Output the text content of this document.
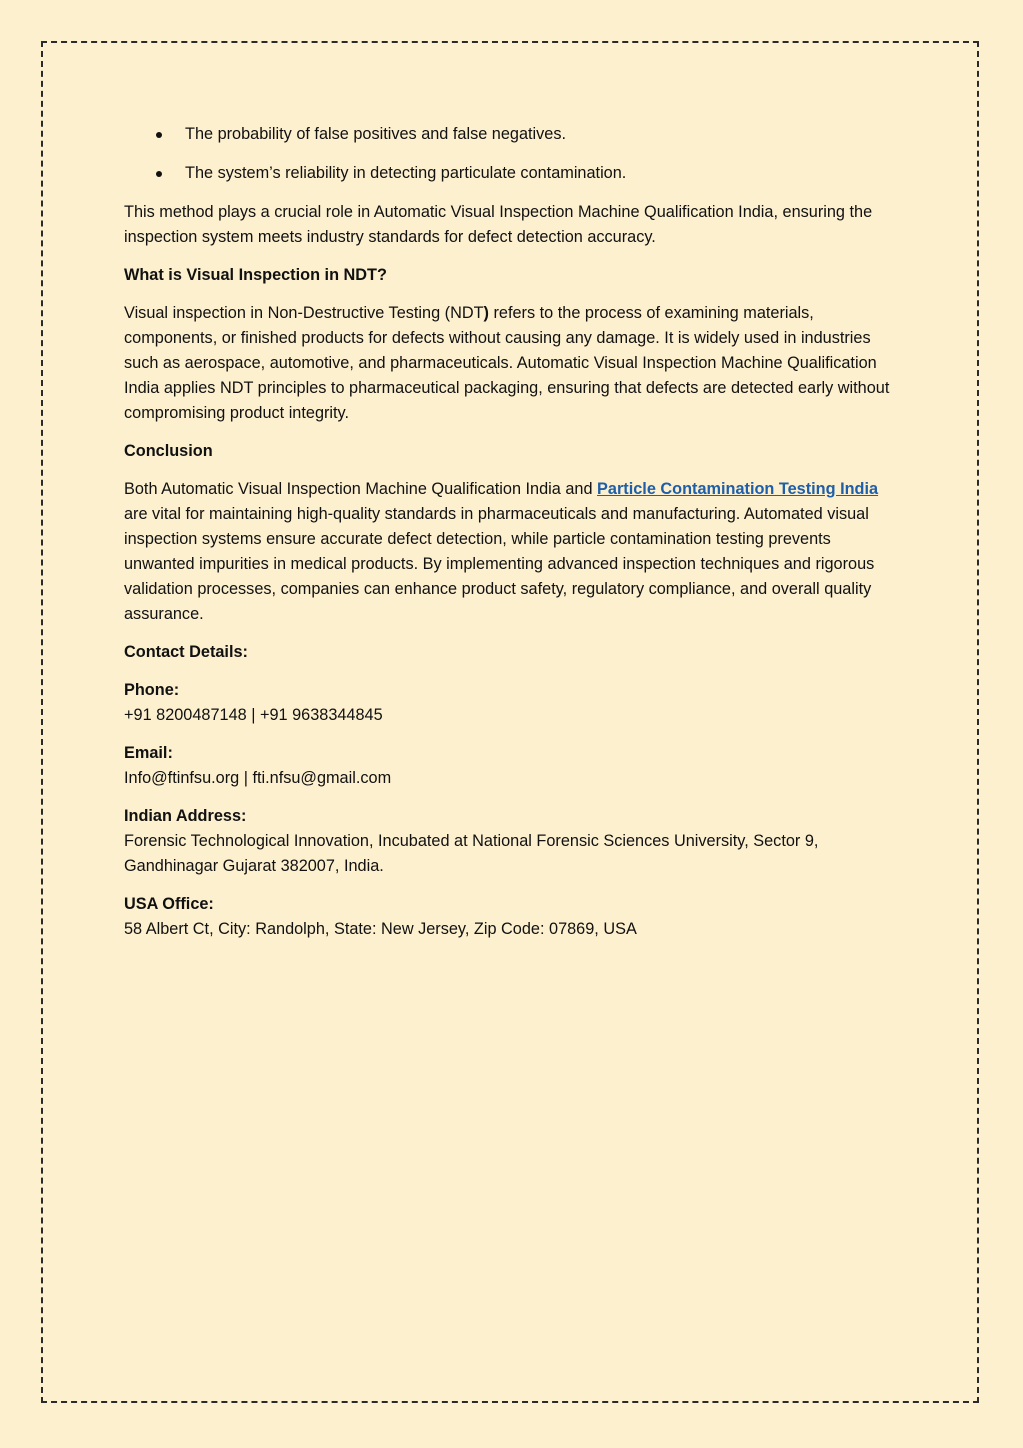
The probability of false positives and false negatives.
The system’s reliability in detecting particulate contamination.

This method plays a crucial role in Automatic Visual Inspection Machine Qualification India, ensuring the inspection system meets industry standards for defect detection accuracy.

What is Visual Inspection in NDT?

Visual inspection in Non-Destructive Testing (NDT) refers to the process of examining materials, components, or finished products for defects without causing any damage. It is widely used in industries such as aerospace, automotive, and pharmaceuticals. Automatic Visual Inspection Machine Qualification India applies NDT principles to pharmaceutical packaging, ensuring that defects are detected early without compromising product integrity.

Conclusion

Both Automatic Visual Inspection Machine Qualification India and Particle Contamination Testing India are vital for maintaining high-quality standards in pharmaceuticals and manufacturing. Automated visual inspection systems ensure accurate defect detection, while particle contamination testing prevents unwanted impurities in medical products. By implementing advanced inspection techniques and rigorous validation processes, companies can enhance product safety, regulatory compliance, and overall quality assurance.

Contact Details:
Phone:
+91 8200487148 | +91 9638344845
Email:
Info@ftinfsu.org | fti.nfsu@gmail.com
Indian Address:
Forensic Technological Innovation, Incubated at National Forensic Sciences University, Sector 9, Gandhinagar Gujarat 382007, India.
USA Office:
58 Albert Ct, City: Randolph, State: New Jersey, Zip Code: 07869, USA
